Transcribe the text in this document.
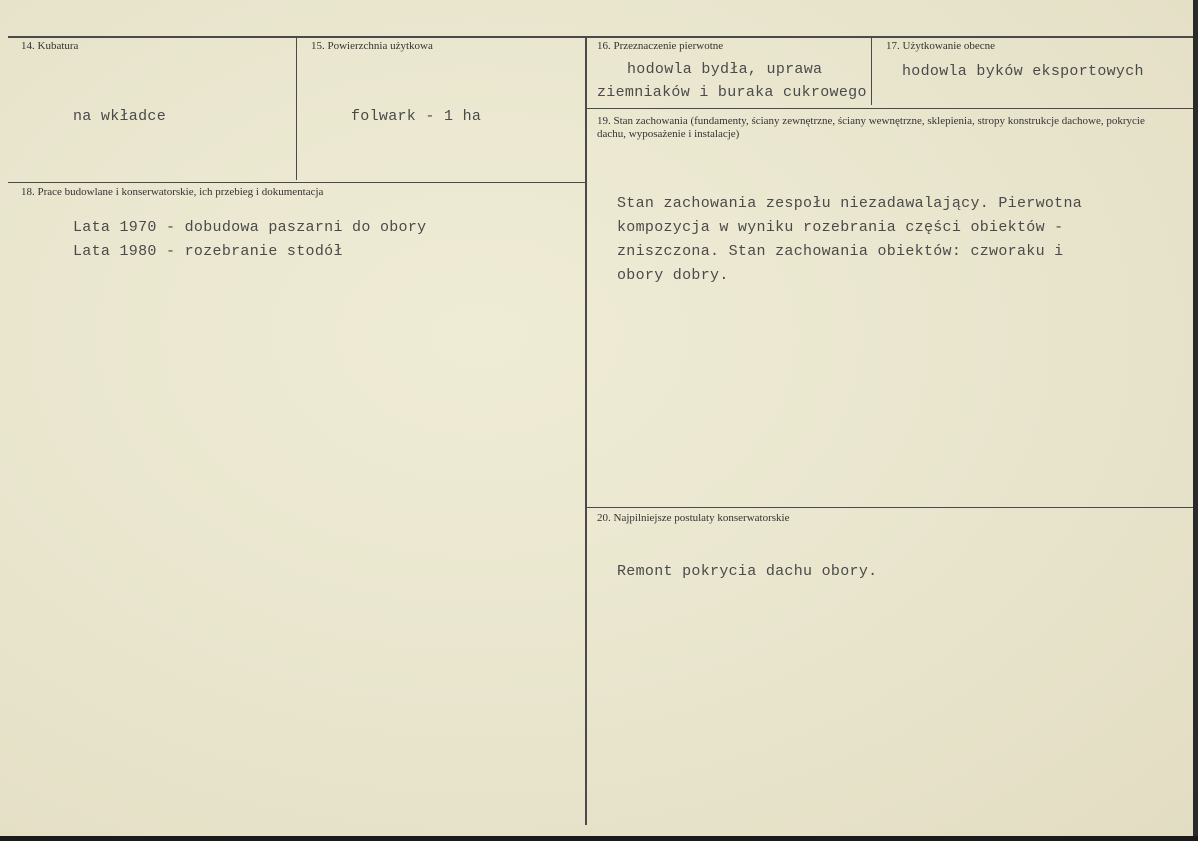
14. Kubatura
na wkładce
15. Powierzchnia użytkowa
folwark - 1 ha
16. Przeznaczenie pierwotne
hodowla bydła, uprawa
ziemniaków i buraka cukrowego
17. Użytkowanie obecne
hodowla byków eksportowych
19. Stan zachowania (fundamenty, ściany zewnętrzne, ściany wewnętrzne, sklepienia, stropy konstrukcje dachowe, pokrycie dachu, wyposażenie i instalacje)
Stan zachowania zespołu niezadawalający. Pierwotna
kompozycja w wyniku rozebrania części obiektów -
zniszczona. Stan zachowania obiektów: czworaku i
obory dobry.
18. Prace budowlane i konserwatorskie, ich przebieg i dokumentacja
Lata 1970 - dobudowa paszarni do obory
Lata 1980 - rozebranie stodół
20. Najpilniejsze postulaty konserwatorskie
Remont pokrycia dachu obory.
